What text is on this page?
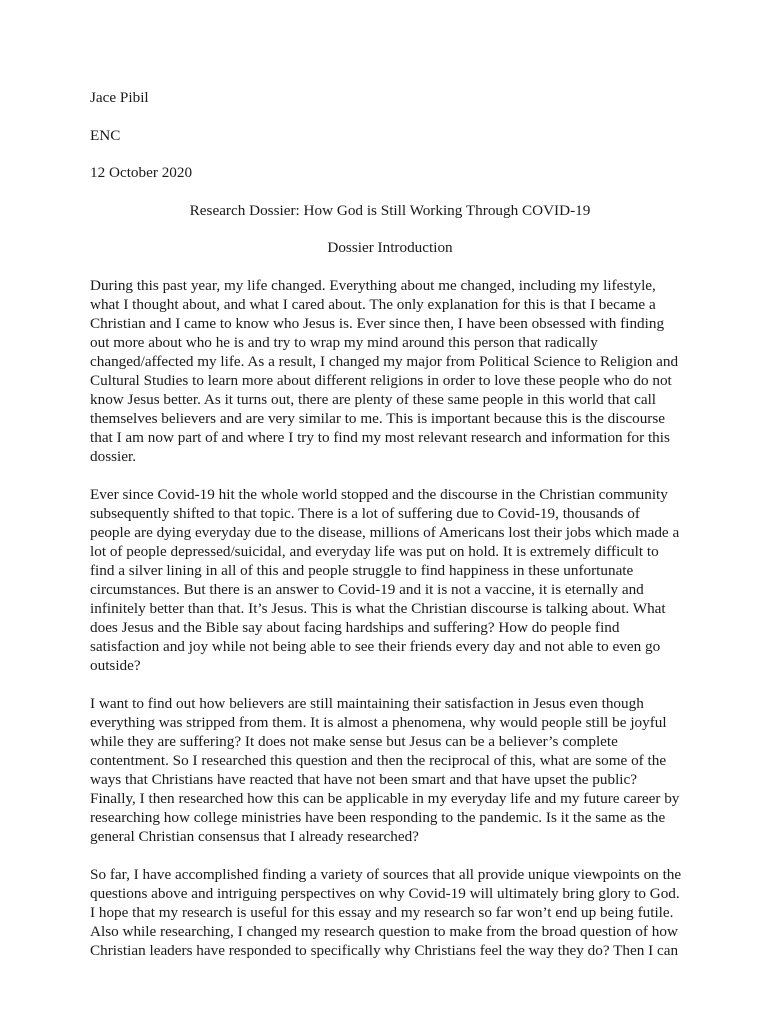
Jace Pibil

ENC

12 October 2020

Research Dossier: How God is Still Working Through COVID-19

Dossier Introduction

During this past year, my life changed. Everything about me changed, including my lifestyle,
what I thought about, and what I cared about. The only explanation for this is that I became a
Christian and I came to know who Jesus is. Ever since then, I have been obsessed with finding
out more about who he is and try to wrap my mind around this person that radically
changed/affected my life. As a result, I changed my major from Political Science to Religion and
Cultural Studies to learn more about different religions in order to love these people who do not
know Jesus better. As it turns out, there are plenty of these same people in this world that call
themselves believers and are very similar to me. This is important because this is the discourse
that I am now part of and where I try to find my most relevant research and information for this
dossier.
Ever since Covid-19 hit the whole world stopped and the discourse in the Christian community
subsequently shifted to that topic. There is a lot of suffering due to Covid-19, thousands of
people are dying everyday due to the disease, millions of Americans lost their jobs which made a
lot of people depressed/suicidal, and everyday life was put on hold. It is extremely difficult to
find a silver lining in all of this and people struggle to find happiness in these unfortunate
circumstances. But there is an answer to Covid-19 and it is not a vaccine, it is eternally and
infinitely better than that. It’s Jesus. This is what the Christian discourse is talking about. What
does Jesus and the Bible say about facing hardships and suffering? How do people find
satisfaction and joy while not being able to see their friends every day and not able to even go
outside?
I want to find out how believers are still maintaining their satisfaction in Jesus even though
everything was stripped from them. It is almost a phenomena, why would people still be joyful
while they are suffering? It does not make sense but Jesus can be a believer’s complete
contentment. So I researched this question and then the reciprocal of this, what are some of the
ways that Christians have reacted that have not been smart and that have upset the public?
Finally, I then researched how this can be applicable in my everyday life and my future career by
researching how college ministries have been responding to the pandemic. Is it the same as the
general Christian consensus that I already researched?
So far, I have accomplished finding a variety of sources that all provide unique viewpoints on the
questions above and intriguing perspectives on why Covid-19 will ultimately bring glory to God.
I hope that my research is useful for this essay and my research so far won’t end up being futile.
Also while researching, I changed my research question to make from the broad question of how
Christian leaders have responded to specifically why Christians feel the way they do? Then I can
